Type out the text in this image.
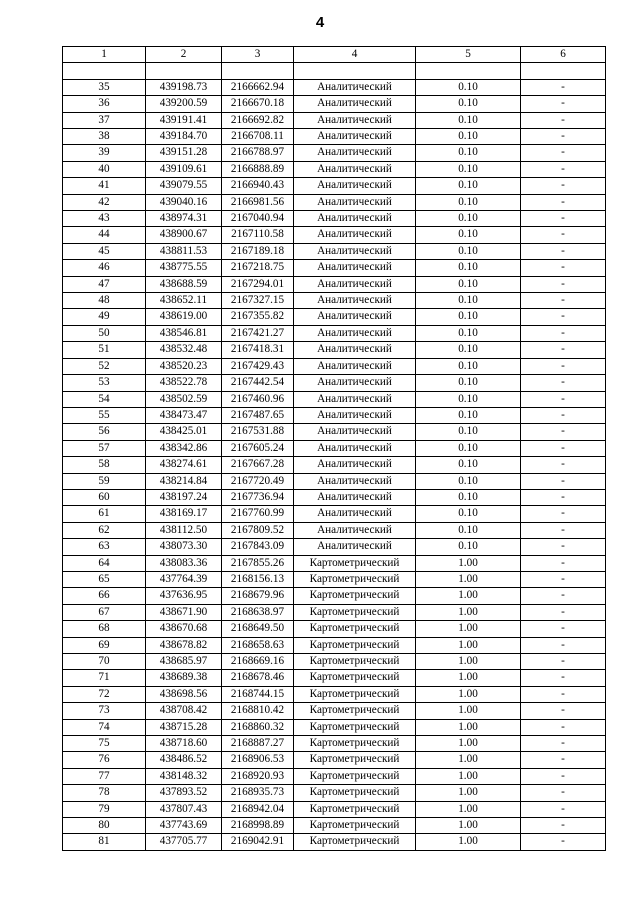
4
1	2	3	4	5	6

35	439198.73	2166662.94	Аналитический	0.10	-
36	439200.59	2166670.18	Аналитический	0.10	-
37	439191.41	2166692.82	Аналитический	0.10	-
38	439184.70	2166708.11	Аналитический	0.10	-
39	439151.28	2166788.97	Аналитический	0.10	-
40	439109.61	2166888.89	Аналитический	0.10	-
41	439079.55	2166940.43	Аналитический	0.10	-
42	439040.16	2166981.56	Аналитический	0.10	-
43	438974.31	2167040.94	Аналитический	0.10	-
44	438900.67	2167110.58	Аналитический	0.10	-
45	438811.53	2167189.18	Аналитический	0.10	-
46	438775.55	2167218.75	Аналитический	0.10	-
47	438688.59	2167294.01	Аналитический	0.10	-
48	438652.11	2167327.15	Аналитический	0.10	-
49	438619.00	2167355.82	Аналитический	0.10	-
50	438546.81	2167421.27	Аналитический	0.10	-
51	438532.48	2167418.31	Аналитический	0.10	-
52	438520.23	2167429.43	Аналитический	0.10	-
53	438522.78	2167442.54	Аналитический	0.10	-
54	438502.59	2167460.96	Аналитический	0.10	-
55	438473.47	2167487.65	Аналитический	0.10	-
56	438425.01	2167531.88	Аналитический	0.10	-
57	438342.86	2167605.24	Аналитический	0.10	-
58	438274.61	2167667.28	Аналитический	0.10	-
59	438214.84	2167720.49	Аналитический	0.10	-
60	438197.24	2167736.94	Аналитический	0.10	-
61	438169.17	2167760.99	Аналитический	0.10	-
62	438112.50	2167809.52	Аналитический	0.10	-
63	438073.30	2167843.09	Аналитический	0.10	-
64	438083.36	2167855.26	Картометрический	1.00	-
65	437764.39	2168156.13	Картометрический	1.00	-
66	437636.95	2168679.96	Картометрический	1.00	-
67	438671.90	2168638.97	Картометрический	1.00	-
68	438670.68	2168649.50	Картометрический	1.00	-
69	438678.82	2168658.63	Картометрический	1.00	-
70	438685.97	2168669.16	Картометрический	1.00	-
71	438689.38	2168678.46	Картометрический	1.00	-
72	438698.56	2168744.15	Картометрический	1.00	-
73	438708.42	2168810.42	Картометрический	1.00	-
74	438715.28	2168860.32	Картометрический	1.00	-
75	438718.60	2168887.27	Картометрический	1.00	-
76	438486.52	2168906.53	Картометрический	1.00	-
77	438148.32	2168920.93	Картометрический	1.00	-
78	437893.52	2168935.73	Картометрический	1.00	-
79	437807.43	2168942.04	Картометрический	1.00	-
80	437743.69	2168998.89	Картометрический	1.00	-
81	437705.77	2169042.91	Картометрический	1.00	-
